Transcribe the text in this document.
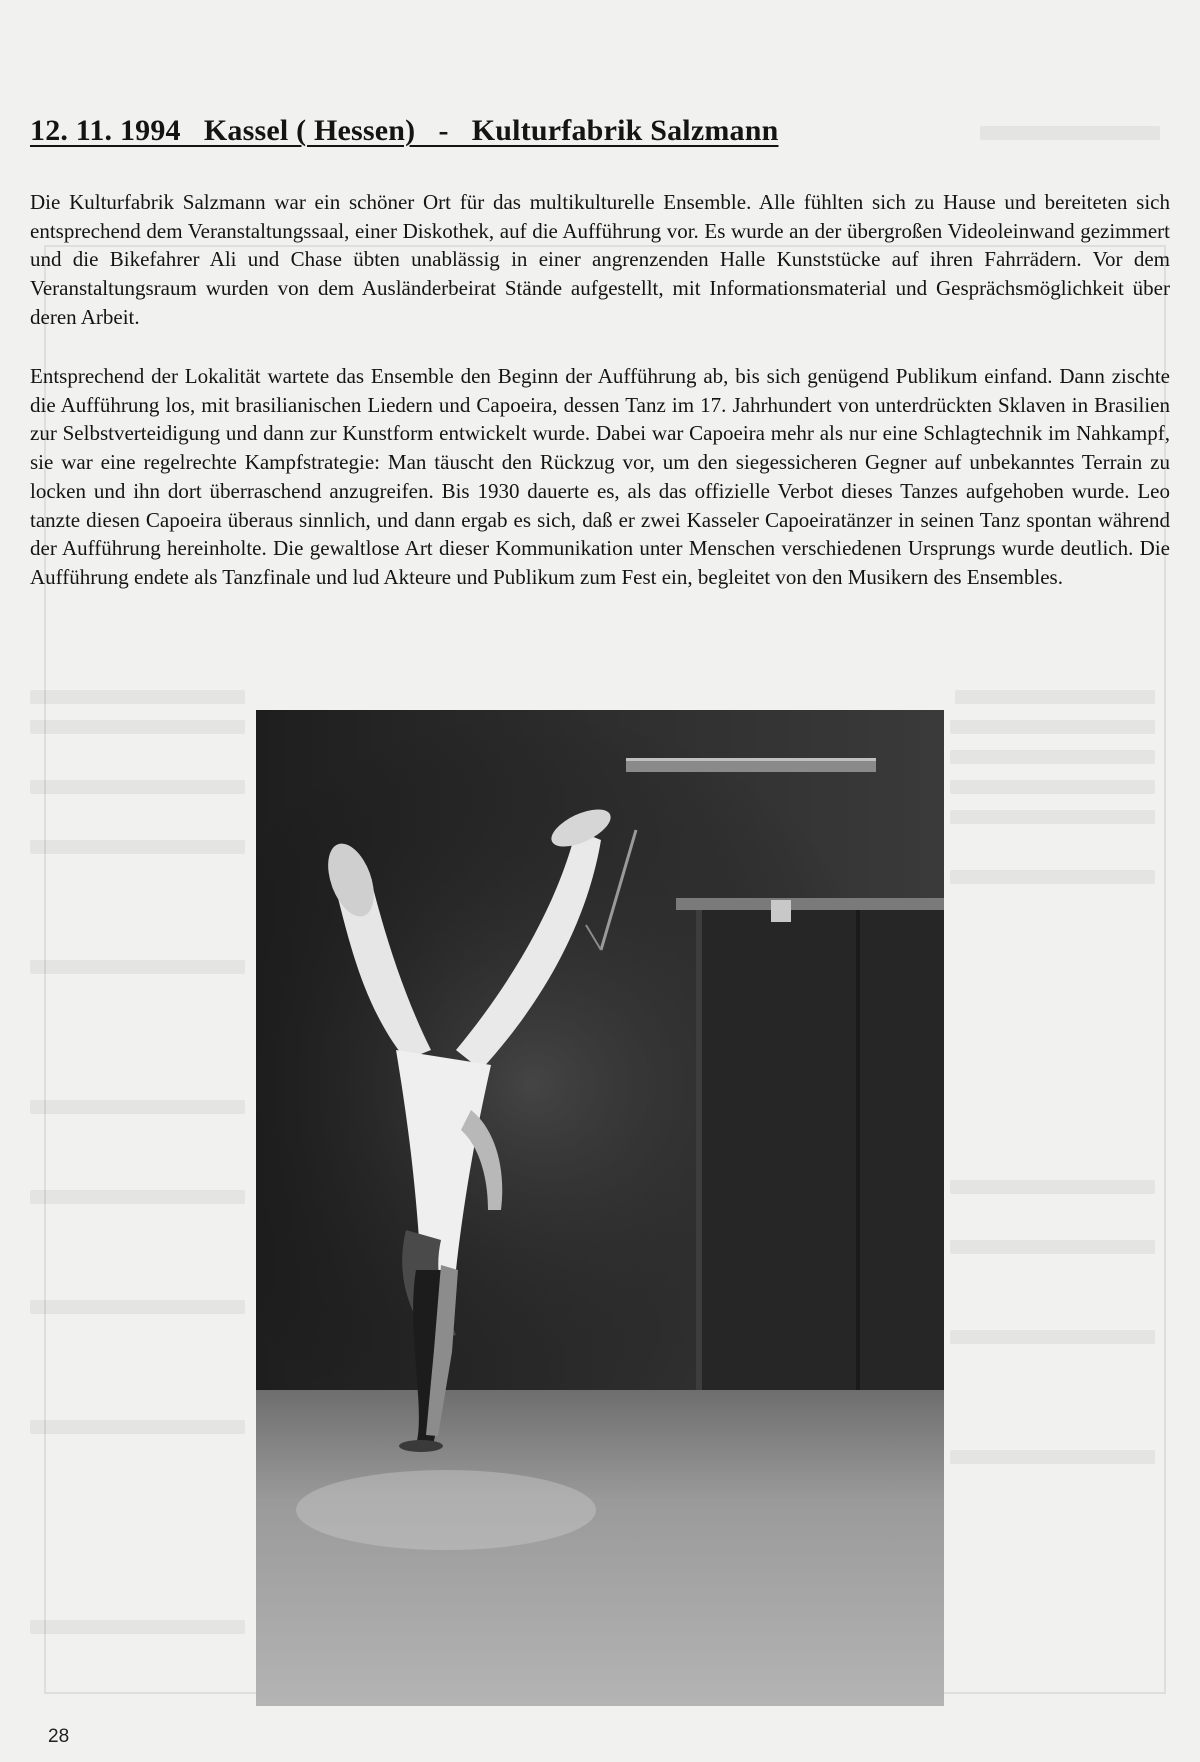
12. 11. 1994   Kassel ( Hessen)   -   Kulturfabrik Salzmann

Die Kulturfabrik Salzmann war ein schöner Ort für das multikulturelle Ensemble. Alle fühlten sich zu Hause und bereiteten sich entsprechend dem Veranstaltungssaal, einer Diskothek, auf die Aufführung vor. Es wurde an der übergroßen Videoleinwand gezimmert und die Bikefahrer Ali und Chase übten unablässig in einer angrenzenden Halle Kunststücke auf ihren Fahrrädern. Vor dem Veranstaltungsraum wurden von dem Ausländerbeirat Stände aufgestellt, mit Informationsmaterial und Gesprächsmöglichkeit über deren Arbeit.

Entsprechend der Lokalität wartete das Ensemble den Beginn der Aufführung ab, bis sich genügend Publikum einfand. Dann zischte die Aufführung los, mit brasilianischen Liedern und Capoeira, dessen Tanz im 17. Jahrhundert von unterdrückten Sklaven in Brasilien zur Selbstverteidigung und dann zur Kunstform entwickelt wurde. Dabei war Capoeira mehr als nur eine Schlagtechnik im Nahkampf, sie war eine regelrechte Kampfstrategie: Man täuscht den Rückzug vor, um den siegessicheren Gegner auf unbekanntes Terrain zu locken und ihn dort überraschend anzugreifen. Bis 1930 dauerte es, als das offizielle Verbot dieses Tanzes aufgehoben wurde. Leo tanzte diesen Capoeira überaus sinnlich, und dann ergab es sich, daß er zwei Kasseler Capoeiratänzer in seinen Tanz spontan während der Aufführung hereinholte. Die gewaltlose Art dieser Kommunikation unter Menschen verschiedenen Ursprungs wurde deutlich. Die Aufführung endete als Tanzfinale und lud Akteure und Publikum zum Fest ein, begleitet von den Musikern des Ensembles.

28
